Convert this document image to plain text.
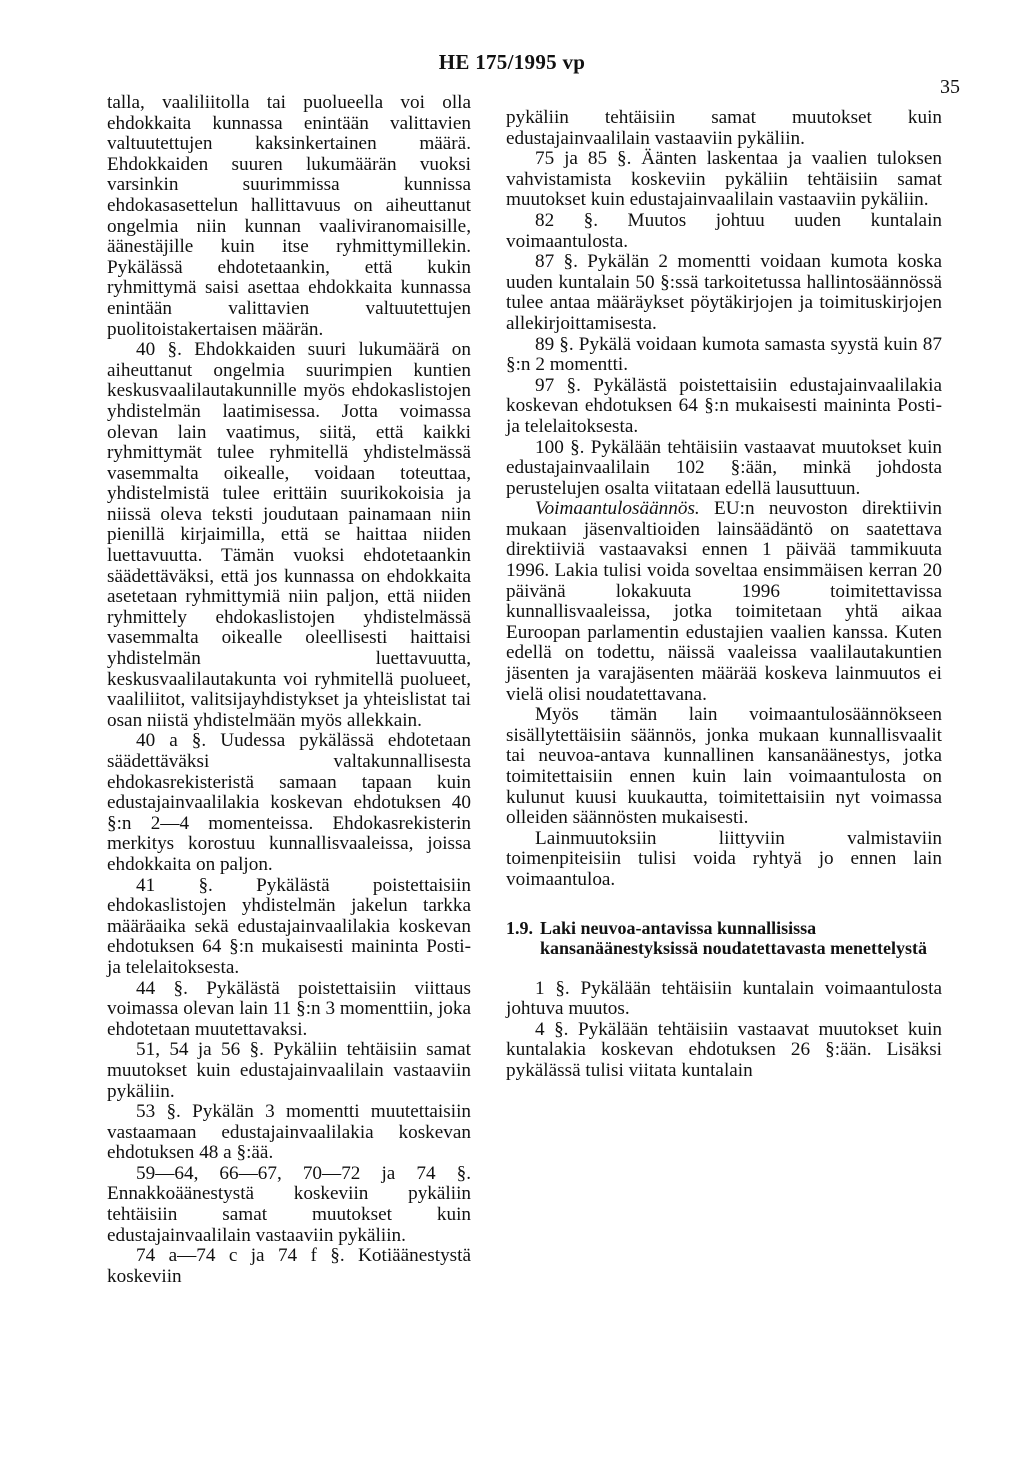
HE 175/1995 vp
35

talla, vaaliliitolla tai puolueella voi olla ehdokkaita kunnassa enintään valittavien valtuutettujen kaksinkertainen määrä. Ehdokkaiden suuren lukumäärän vuoksi varsinkin suurimmissa kunnissa ehdokasasettelun hallittavuus on aiheuttanut ongelmia niin kunnan vaaliviranomaisille, äänestäjille kuin itse ryhmittymillekin. Pykälässä ehdotetaankin, että kukin ryhmittymä saisi asettaa ehdokkaita kunnassa enintään valittavien valtuutettujen puolitoistakertaisen määrän.

40 §. Ehdokkaiden suuri lukumäärä on aiheuttanut ongelmia suurimpien kuntien keskusvaalilautakunnille myös ehdokaslistojen yhdistelmän laatimisessa. Jotta voimassa olevan lain vaatimus, siitä, että kaikki ryhmittymät tulee ryhmitellä yhdistelmässä vasemmalta oikealle, voidaan toteuttaa, yhdistelmistä tulee erittäin suurikokoisia ja niissä oleva teksti joudutaan painamaan niin pienillä kirjaimilla, että se haittaa niiden luettavuutta. Tämän vuoksi ehdotetaankin säädettäväksi, että jos kunnassa on ehdokkaita asetetaan ryhmittymiä niin paljon, että niiden ryhmittely ehdokaslistojen yhdistelmässä vasemmalta oikealle oleellisesti haittaisi yhdistelmän luettavuutta, keskusvaalilautakunta voi ryhmitellä puolueet, vaaliliitot, valitsijayhdistykset ja yhteislistat tai osan niistä yhdistelmään myös allekkain.

40 a §. Uudessa pykälässä ehdotetaan säädettäväksi valtakunnallisesta ehdokasrekisteristä samaan tapaan kuin edustajainvaalilakia koskevan ehdotuksen 40 §:n 2—4 momenteissa. Ehdokasrekisterin merkitys korostuu kunnallisvaaleissa, joissa ehdokkaita on paljon.

41 §. Pykälästä poistettaisiin ehdokaslistojen yhdistelmän jakelun tarkka määräaika sekä edustajainvaalilakia koskevan ehdotuksen 64 §:n mukaisesti maininta Posti- ja telelaitoksesta.

44 §. Pykälästä poistettaisiin viittaus voimassa olevan lain 11 §:n 3 momenttiin, joka ehdotetaan muutettavaksi.

51, 54 ja 56 §. Pykäliin tehtäisiin samat muutokset kuin edustajainvaalilain vastaaviin pykäliin.

53 §. Pykälän 3 momentti muutettaisiin vastaamaan edustajainvaalilakia koskevan ehdotuksen 48 a §:ää.

59—64, 66—67, 70—72 ja 74 §. Ennakkoäänestystä koskeviin pykäliin tehtäisiin samat muutokset kuin edustajainvaalilain vastaaviin pykäliin.

74 a—74 c ja 74 f §. Kotiäänestystä koskeviin

pykäliin tehtäisiin samat muutokset kuin edustajainvaalilain vastaaviin pykäliin.

75 ja 85 §. Äänten laskentaa ja vaalien tuloksen vahvistamista koskeviin pykäliin tehtäisiin samat muutokset kuin edustajainvaalilain vastaaviin pykäliin.

82 §. Muutos johtuu uuden kuntalain voimaantulosta.

87 §. Pykälän 2 momentti voidaan kumota koska uuden kuntalain 50 §:ssä tarkoitetussa hallintosäännössä tulee antaa määräykset pöytäkirjojen ja toimituskirjojen allekirjoittamisesta.

89 §. Pykälä voidaan kumota samasta syystä kuin 87 §:n 2 momentti.

97 §. Pykälästä poistettaisiin edustajainvaalilakia koskevan ehdotuksen 64 §:n mukaisesti maininta Posti- ja telelaitoksesta.

100 §. Pykälään tehtäisiin vastaavat muutokset kuin edustajainvaalilain 102 §:ään, minkä johdosta perustelujen osalta viitataan edellä lausuttuun.

Voimaantulosäännös. EU:n neuvoston direktiivin mukaan jäsenvaltioiden lainsäädäntö on saatettava direktiiviä vastaavaksi ennen 1 päivää tammikuuta 1996. Lakia tulisi voida soveltaa ensimmäisen kerran 20 päivänä lokakuuta 1996 toimitettavissa kunnallisvaaleissa, jotka toimitetaan yhtä aikaa Euroopan parlamentin edustajien vaalien kanssa. Kuten edellä on todettu, näissä vaaleissa vaalilautakuntien jäsenten ja varajäsenten määrää koskeva lainmuutos ei vielä olisi noudatettavana.

Myös tämän lain voimaantulosäännökseen sisällytettäisiin säännös, jonka mukaan kunnallisvaalit tai neuvoa-antava kunnallinen kansanäänestys, jotka toimitettaisiin ennen kuin lain voimaantulosta on kulunut kuusi kuukautta, toimitettaisiin nyt voimassa olleiden säännösten mukaisesti.

Lainmuutoksiin liittyviin valmistaviin toimenpiteisiin tulisi voida ryhtyä jo ennen lain voimaantuloa.

1.9. Laki neuvoa-antavissa kunnallisissa kansanäänestyksissä noudatettavasta menettelystä

1 §. Pykälään tehtäisiin kuntalain voimaantulosta johtuva muutos.

4 §. Pykälään tehtäisiin vastaavat muutokset kuin kuntalakia koskevan ehdotuksen 26 §:ään. Lisäksi pykälässä tulisi viitata kuntalain
